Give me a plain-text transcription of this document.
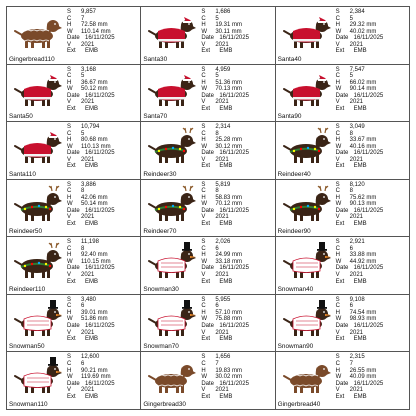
Gingerbread110
S	9,857
C	7
H	72.58 mm
W	110.14 mm
Date 16/11/2025
V	2021
Ext	EMB
Santa30
S	1,686
C	5
H	19.31 mm
W	30.11 mm
Date 16/11/2025
V	2021
Ext	EMB
Santa40
S	2,384
C	5
H	29.32 mm
W	40.02 mm
Date 16/11/2025
V	2021
Ext	EMB
Santa50
S	3,168
C	5
H	36.67 mm
W	50.12 mm
Date 16/11/2025
V	2021
Ext	EMB
Santa70
S	4,959
C	5
H	51.36 mm
W	70.13 mm
Date 16/11/2025
V	2021
Ext	EMB
Santa90
S	7,547
C	5
H	66.02 mm
W	90.14 mm
Date 16/11/2025
V	2021
Ext	EMB
Santa110
S	10,794
C	5
H	80.68 mm
W	110.13 mm
Date 16/11/2025
V	2021
Ext	EMB
Reindeer30
S	2,314
C	8
H	25.28 mm
W	30.12 mm
Date 16/11/2025
V	2021
Ext	EMB
Reindeer40
S	3,049
C	8
H	33.67 mm
W	40.16 mm
Date 16/11/2025
V	2021
Ext	EMB
Reindeer50
S	3,886
C	8
H	42.06 mm
W	50.14 mm
Date 16/11/2025
V	2021
Ext	EMB
Reindeer70
S	5,819
C	8
H	58.83 mm
W	70.12 mm
Date 16/11/2025
V	2021
Ext	EMB
Reindeer90
S	8,120
C	8
H	75.62 mm
W	90.13 mm
Date 16/11/2025
V	2021
Ext	EMB
Reindeer110
S	11,198
C	8
H	92.40 mm
W	110.15 mm
Date 16/11/2025
V	2021
Ext	EMB
Snowman30
S	2,026
C	6
H	24.99 mm
W	33.18 mm
Date 16/11/2025
V	2021
Ext	EMB
Snowman40
S	2,921
C	6
H	33.88 mm
W	44.92 mm
Date 16/11/2025
V	2021
Ext	EMB
Snowman50
S	3,480
C	6
H	39.01 mm
W	51.86 mm
Date 16/11/2025
V	2021
Ext	EMB
Snowman70
S	5,955
C	6
H	57.10 mm
W	75.88 mm
Date 16/11/2025
V	2021
Ext	EMB
Snowman90
S	9,108
C	6
H	74.54 mm
W	98.93 mm
Date 16/11/2025
V	2021
Ext	EMB
Snowman110
S	12,600
C	6
H	90.21 mm
W	119.69 mm
Date 16/11/2025
V	2021
Ext	EMB
Gingerbread30
S	1,656
C	7
H	19.83 mm
W	30.02 mm
Date 16/11/2025
V	2021
Ext	EMB
Gingerbread40
S	2,315
C	7
H	26.55 mm
W	40.09 mm
Date 16/11/2025
V	2021
Ext	EMB
